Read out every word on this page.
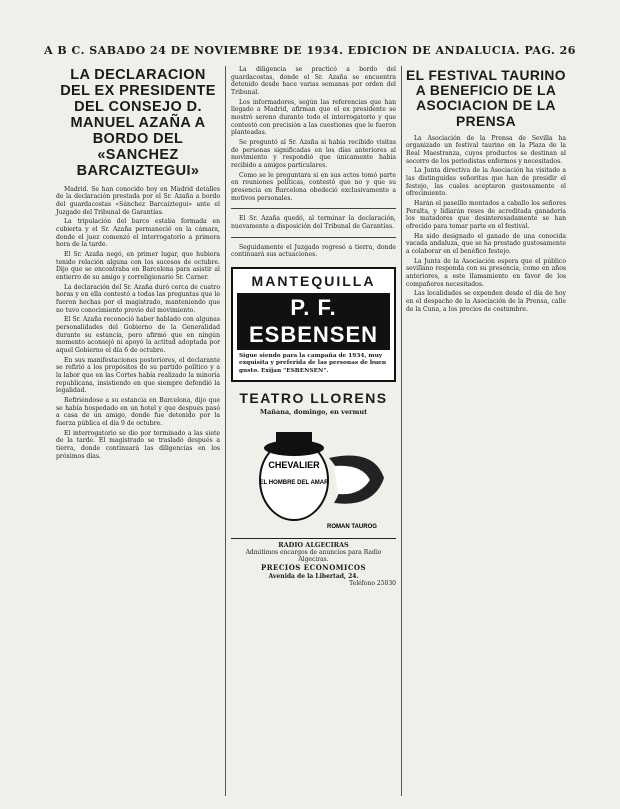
A B C. SABADO 24 DE NOVIEMBRE DE 1934. EDICION DE ANDALUCIA. PAG. 26
LA DECLARACION DEL EX PRESIDENTE DEL CONSEJO D. MANUEL AZAÑA A BORDO DEL «SANCHEZ BARCAIZTEGUI»

Madrid. Se han conocido hoy en Madrid detalles de la declaración prestada por el Sr. Azaña a bordo del guardacostas «Sánchez Barcaiztegui» ante el Juzgado del Tribunal de Garantías.

La tripulación del barco estaba formada en cubierta y el Sr. Azaña permaneció en la cámara, donde el juez comenzó el interrogatorio a primera hora de la tarde.

El Sr. Azaña negó, en primer lugar, que hubiera tenido relación alguna con los sucesos de octubre. Dijo que se encontraba en Barcelona para asistir al entierro de su amigo y correligionario Sr. Carner.

La declaración del Sr. Azaña duró cerca de cuatro horas y en ella contestó a todas las preguntas que le fueron hechas por el magistrado, manteniendo que no tuvo conocimiento previo del movimiento.

El Sr. Azaña reconoció haber hablado con algunas personalidades del Gobierno de la Generalidad durante su estancia, pero afirmó que en ningún momento aconsejó ni apoyó la actitud adoptada por aquel Gobierno el día 6 de octubre.

En sus manifestaciones posteriores, el declarante se refirió a los propósitos de su partido político y a la labor que en las Cortes había realizado la minoría republicana, insistiendo en que siempre defendió la legalidad.

Refiriéndose a su estancia en Barcelona, dijo que se había hospedado en un hotel y que después pasó a casa de un amigo, donde fue detenido por la fuerza pública el día 9 de octubre.

El interrogatorio se dio por terminado a las siete de la tarde. El magistrado se trasladó después a tierra, donde continuará las diligencias en los próximos días.

La diligencia se practicó a bordo del guardacostas, donde el Sr. Azaña se encuentra detenido desde hace varias semanas por orden del Tribunal.

Los informadores, según las referencias que han llegado a Madrid, afirman que el ex presidente se mostró sereno durante todo el interrogatorio y que contestó con precisión a las cuestiones que le fueron planteadas.

Se preguntó al Sr. Azaña si había recibido visitas de personas significadas en los días anteriores al movimiento y respondió que únicamente había recibido a amigos particulares.

Como se le preguntara si en sus actos tomó parte en reuniones políticas, contestó que no y que su presencia en Barcelona obedeció exclusivamente a motivos personales.

El Sr. Azaña quedó, al terminar la declaración, nuevamente a disposición del Tribunal de Garantías.

Seguidamente el Juzgado regresó a tierra, donde continuará sus actuaciones.

MANTEQUILLA
P. F. ESBENSEN
Sigue siendo para la campaña de 1934, muy exquisita y preferida de las personas de buen gusto. Exijan "ESBENSEN".
TEATRO LLORENS
Mañana, domingo, en vermut
CHEVALIER
EL HOMBRE DEL AMAR
ROMAN TAUROG
RADIO ALGECIRAS
Admitimos encargos de anuncios para Radio Algeciras.
PRECIOS ECONOMICOS
Avenida de la Libertad, 24.
Teléfono 25030
EL FESTIVAL TAURINO A BENEFICIO DE LA ASOCIACION DE LA PRENSA

La Asociación de la Prensa de Sevilla ha organizado un festival taurino en la Plaza de la Real Maestranza, cuyos productos se destinan al socorro de los periodistas enfermos y necesitados.

La Junta directiva de la Asociación ha visitado a las distinguidas señoritas que han de presidir el festejo, las cuales aceptaron gustosamente el ofrecimiento.

Harán el paseíllo montados a caballo los señores Peralta, y lidiarán reses de acreditada ganadería los matadores que desinteresadamente se han ofrecido para tomar parte en el festival.

Ha sido designado el ganado de una conocida vacada andaluza, que se ha prestado gustosamente a colaborar en el benéfico festejo.

La Junta de la Asociación espera que el público sevillano responda con su presencia, como en años anteriores, a este llamamiento en favor de los compañeros necesitados.

Las localidades se expenden desde el día de hoy en el despacho de la Asociación de la Prensa, calle de la Cuna, a los precios de costumbre.
